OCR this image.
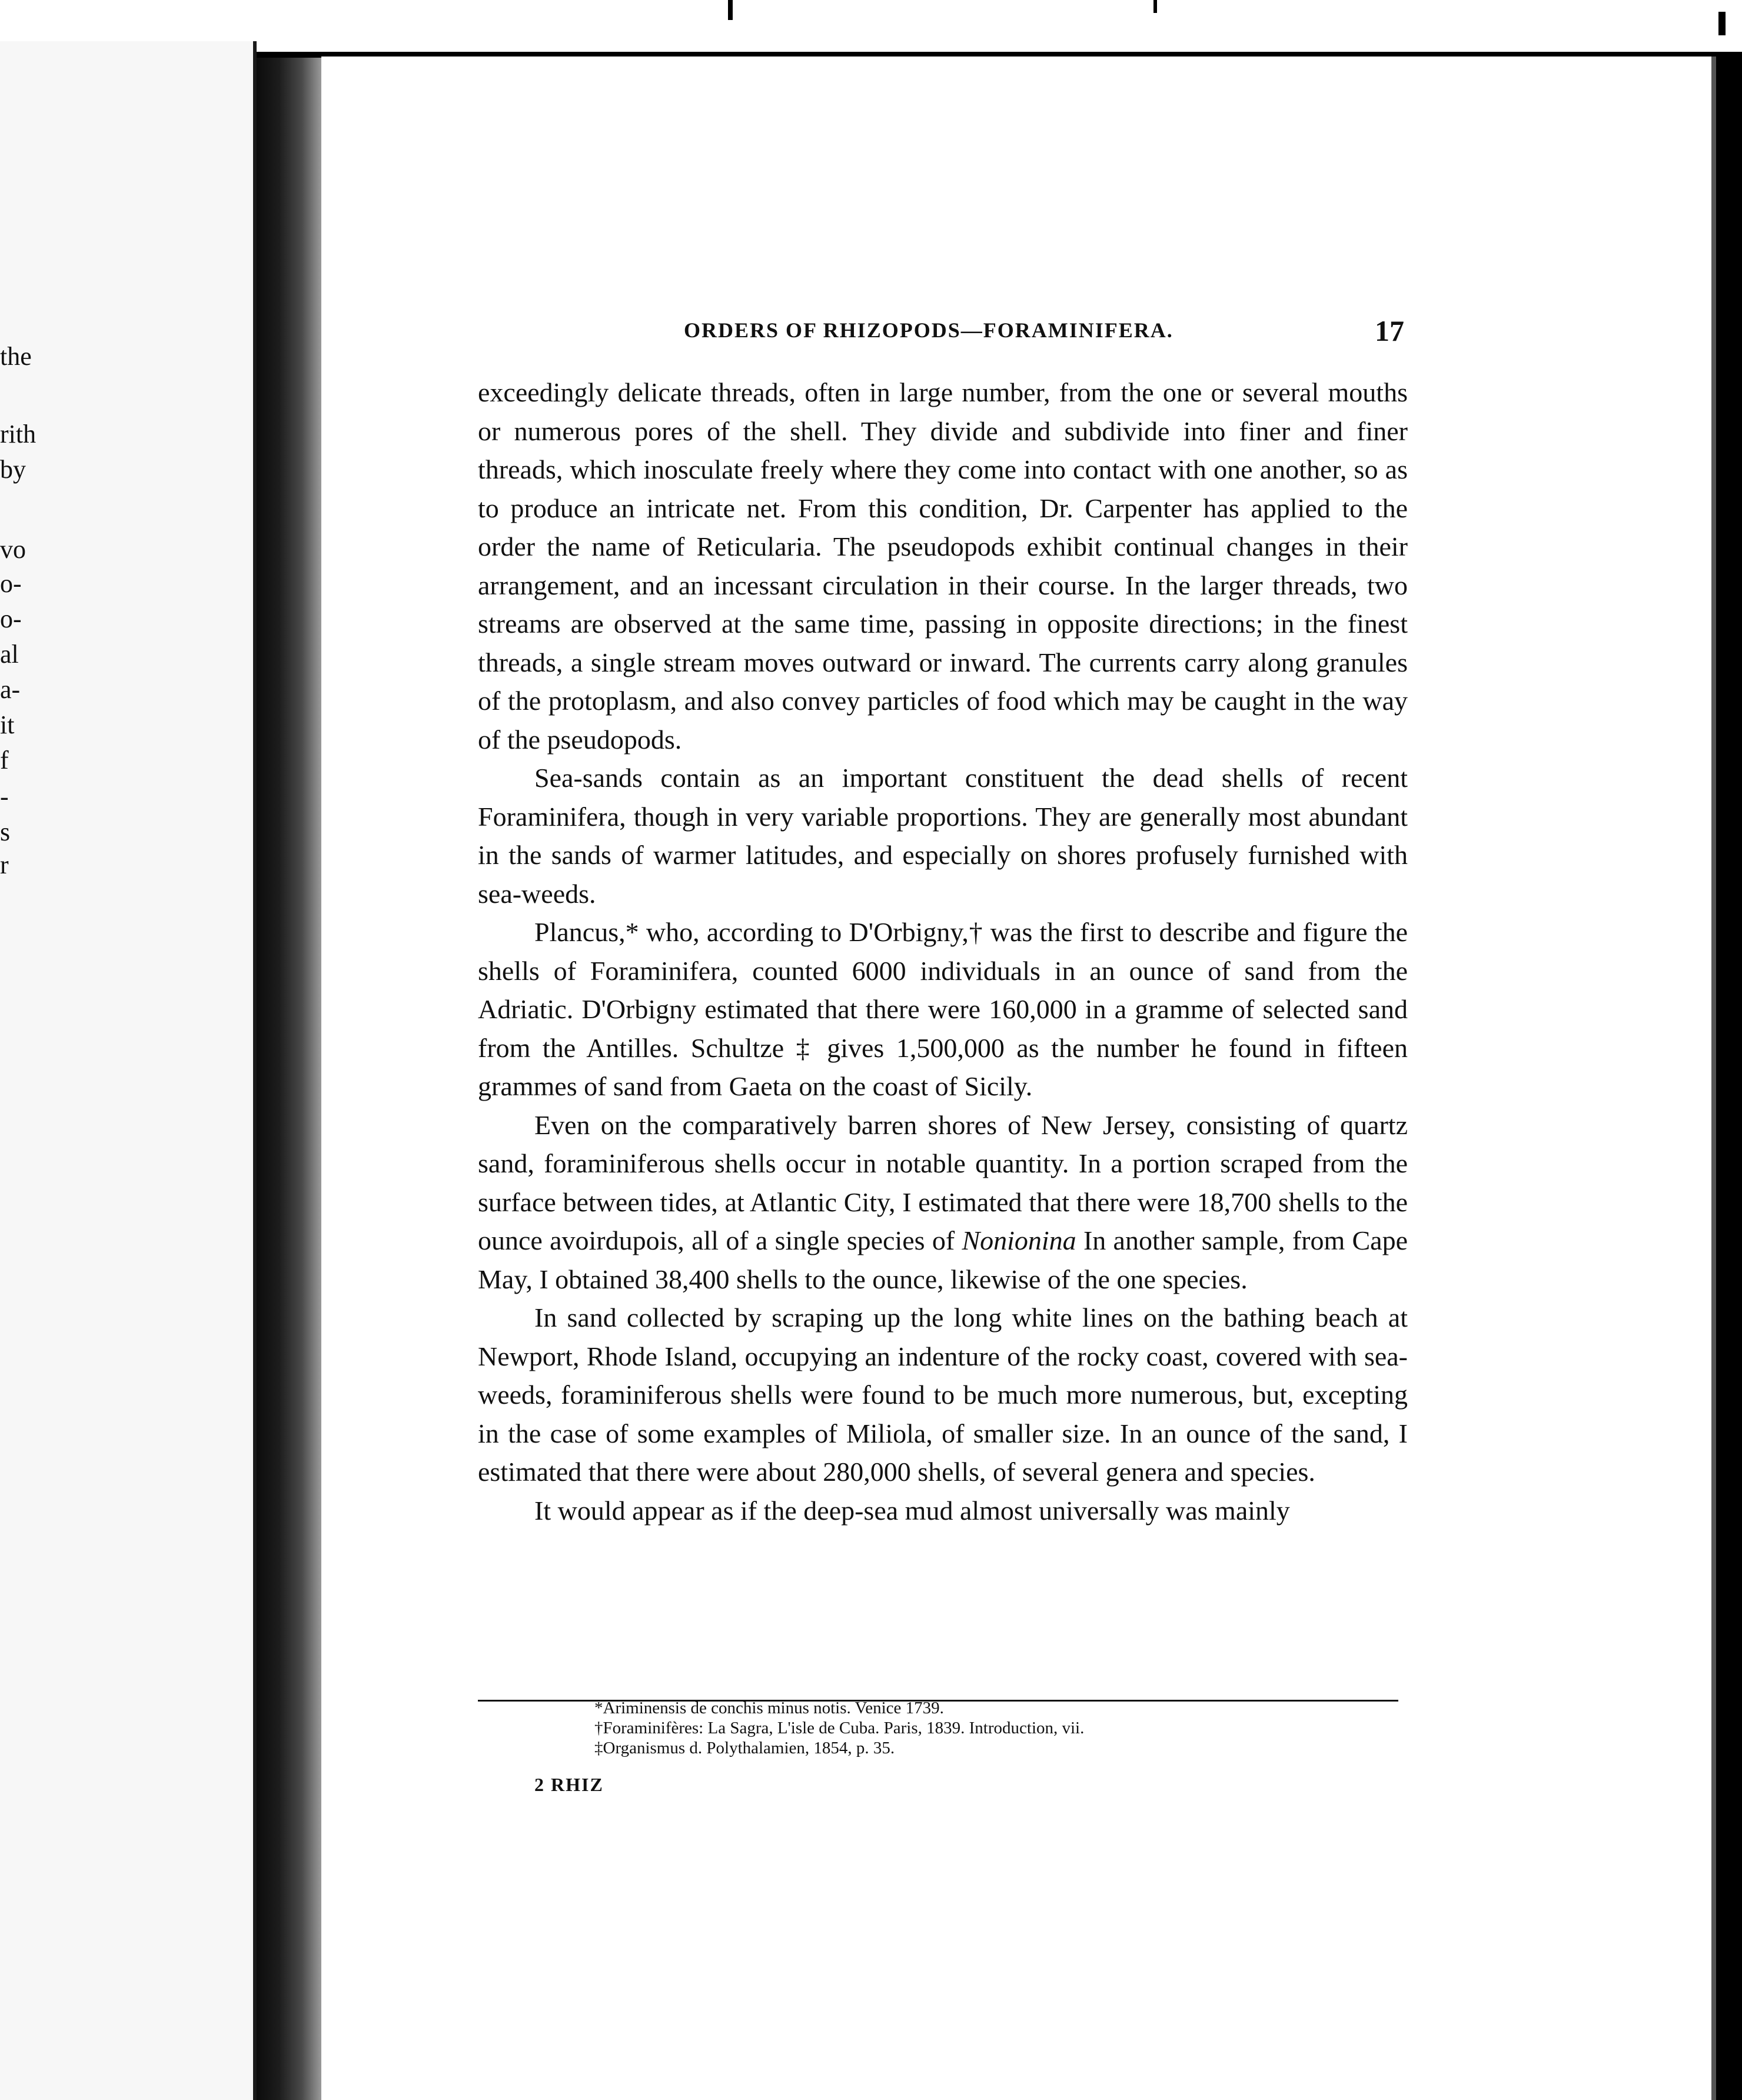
the
rith
by
vo
o-
o-
al
a-
it
f
-
s
r
ORDERS OF RHIZOPODS—FORAMINIFERA.	17

exceedingly delicate threads, often in large number, from the one or several mouths or numerous pores of the shell. They divide and subdivide into finer and finer threads, which inosculate freely where they come into contact with one another, so as to produce an intricate net. From this condition, Dr. Carpenter has applied to the order the name of Reticularia. The pseudopods exhibit continual changes in their arrangement, and an incessant circulation in their course. In the larger threads, two streams are observed at the same time, passing in opposite directions; in the finest threads, a single stream moves outward or inward. The currents carry along granules of the protoplasm, and also convey particles of food which may be caught in the way of the pseudopods.

Sea-sands contain as an important constituent the dead shells of recent Foraminifera, though in very variable proportions. They are generally most abundant in the sands of warmer latitudes, and especially on shores profusely furnished with sea-weeds.

Plancus,* who, according to D'Orbigny,† was the first to describe and figure the shells of Foraminifera, counted 6000 individuals in an ounce of sand from the Adriatic. D'Orbigny estimated that there were 160,000 in a gramme of selected sand from the Antilles. Schultze ‡ gives 1,500,000 as the number he found in fifteen grammes of sand from Gaeta on the coast of Sicily.

Even on the comparatively barren shores of New Jersey, consisting of quartz sand, foraminiferous shells occur in notable quantity. In a portion scraped from the surface between tides, at Atlantic City, I estimated that there were 18,700 shells to the ounce avoirdupois, all of a single species of Nonionina In another sample, from Cape May, I obtained 38,400 shells to the ounce, likewise of the one species.

In sand collected by scraping up the long white lines on the bathing beach at Newport, Rhode Island, occupying an indenture of the rocky coast, covered with sea-weeds, foraminiferous shells were found to be much more numerous, but, excepting in the case of some examples of Miliola, of smaller size. In an ounce of the sand, I estimated that there were about 280,000 shells, of several genera and species.

It would appear as if the deep-sea mud almost universally was mainly

*Ariminensis de conchis minus notis. Venice 1739.
†Foraminifères: La Sagra, L'isle de Cuba. Paris, 1839. Introduction, vii.
‡Organismus d. Polythalamien, 1854, p. 35.
2 RHIZ
